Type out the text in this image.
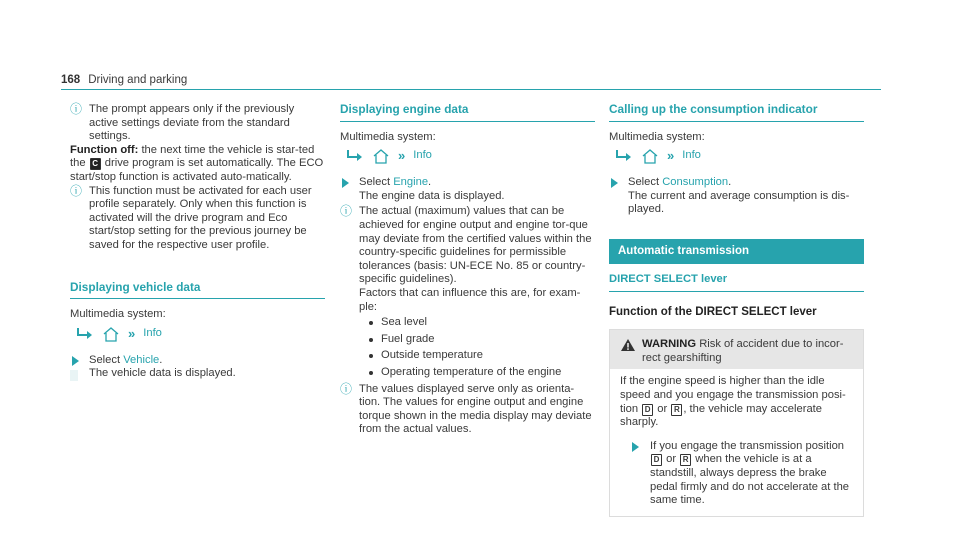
168 Driving and parking

ⓘ The prompt appears only if the previously active settings deviate from the standard settings.

Function off: the next time the vehicle is star-ted the C drive program is set automatically. The ECO start/stop function is activated auto-matically.

ⓘ This function must be activated for each user profile separately. Only when this function is activated will the drive program and Eco start/stop setting for the previous journey be saved for the respective user profile.

Displaying vehicle data
Multimedia system:
» Info
Select Vehicle.
The vehicle data is displayed.
Displaying engine data
Multimedia system:
» Info
Select Engine.
The engine data is displayed.

ⓘ The actual (maximum) values that can be achieved for engine output and engine tor-que may deviate from the certified values within the country-specific guidelines for permissible tolerances (basis: UN-ECE No. 85 or country-specific guidelines).

Factors that can influence this are, for exam-ple:

Sea level
Fuel grade
Outside temperature
Operating temperature of the engine

ⓘ The values displayed serve only as orienta-tion. The values for engine output and engine torque shown in the media display may deviate from the actual values.

Calling up the consumption indicator
Multimedia system:
» Info
Select Consumption.
The current and average consumption is dis-played.
Automatic transmission
DIRECT SELECT lever
Function of the DIRECT SELECT lever
WARNING Risk of accident due to incor-rect gearshifting

If the engine speed is higher than the idle speed and you engage the transmission posi-tion D or R , the vehicle may accelerate sharply.

If you engage the transmission position
D or R when the vehicle is at a standstill, always depress the brake pedal firmly and do not accelerate at the same time.
